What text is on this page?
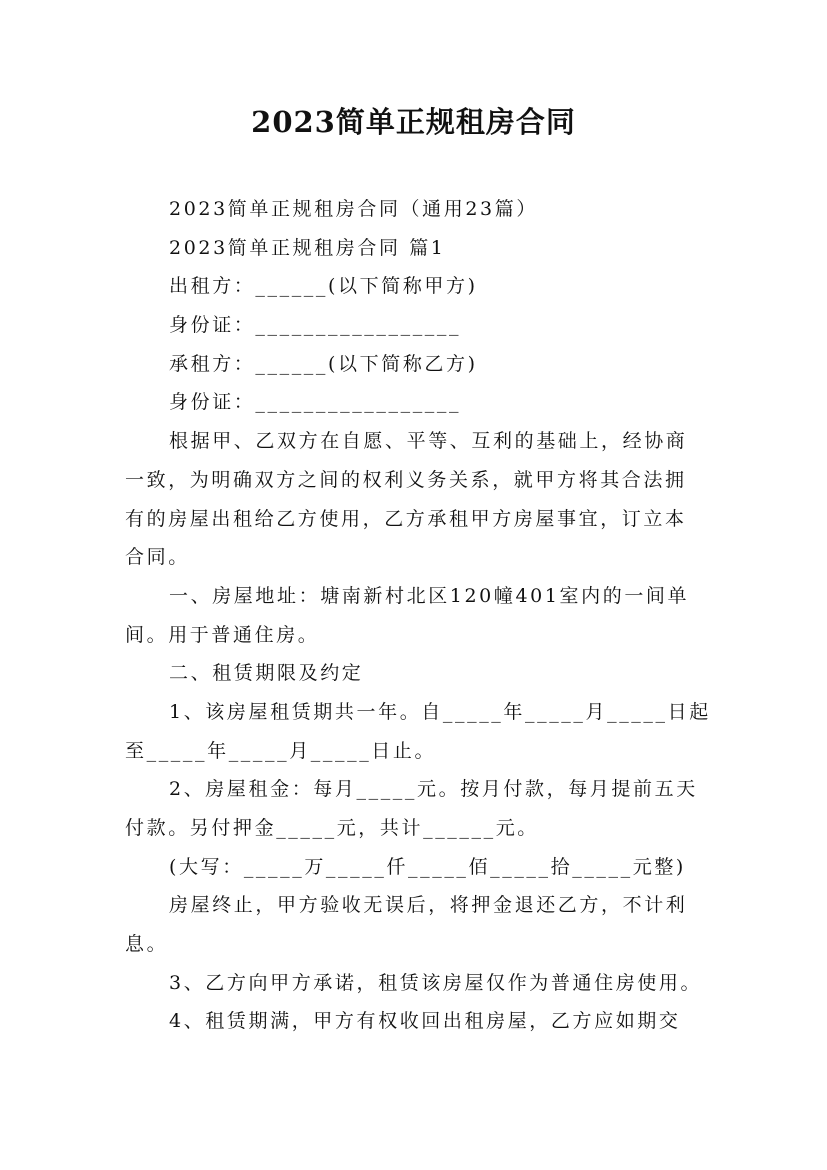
2023简单正规租房合同
2023简单正规租房合同（通用23篇）
2023简单正规租房合同 篇1
出租方：______(以下简称甲方)
身份证：_________________
承租方：______(以下简称乙方)
身份证：_________________
根据甲、乙双方在自愿、平等、互利的基础上，经协商
一致，为明确双方之间的权利义务关系，就甲方将其合法拥
有的房屋出租给乙方使用，乙方承租甲方房屋事宜，订立本
合同。
一、房屋地址：塘南新村北区120幢401室内的一间单
间。用于普通住房。
二、租赁期限及约定
1、该房屋租赁期共一年。自_____年_____月_____日起
至_____年_____月_____日止。
2、房屋租金：每月_____元。按月付款，每月提前五天
付款。另付押金_____元，共计______元。
(大写：_____万_____仟_____佰_____拾_____元整)
房屋终止，甲方验收无误后，将押金退还乙方，不计利
息。
3、乙方向甲方承诺，租赁该房屋仅作为普通住房使用。
4、租赁期满，甲方有权收回出租房屋，乙方应如期交
